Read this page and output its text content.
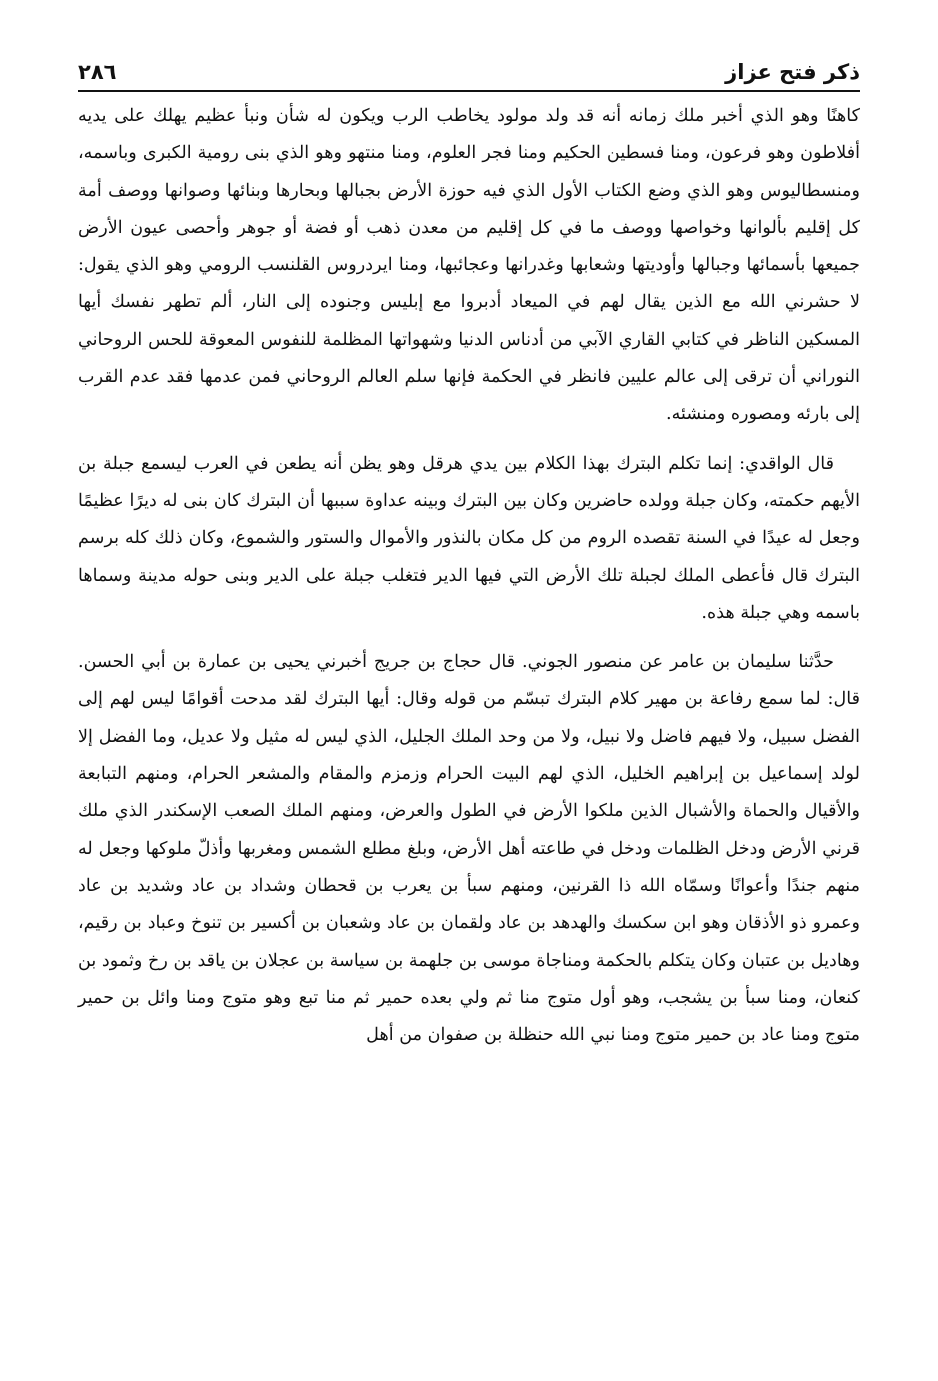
ذكر فتح عزاز
٢٨٦

كاهنًا وهو الذي أخبر ملك زمانه أنه قد ولد مولود يخاطب الرب ويكون له شأن ونبأ عظيم يهلك على يديه أفلاطون وهو فرعون، ومنا فسطين الحكيم ومنا فجر العلوم، ومنا منتهو وهو الذي بنى رومية الكبرى وباسمه، ومنسطاليوس وهو الذي وضع الكتاب الأول الذي فيه حوزة الأرض بجبالها وبحارها وبنائها وصوانها ووصف أمة كل إقليم بألوانها وخواصها ووصف ما في كل إقليم من معدن ذهب أو فضة أو جوهر وأحصى عيون الأرض جميعها بأسمائها وجبالها وأوديتها وشعابها وغدرانها وعجائبها، ومنا ايردروس القلنسب الرومي وهو الذي يقول: لا حشرني الله مع الذين يقال لهم في الميعاد أدبروا مع إبليس وجنوده إلى النار، ألم تطهر نفسك أيها المسكين الناظر في كتابي القاري الآبي من أدناس الدنيا وشهواتها المظلمة للنفوس المعوقة للحس الروحاني النوراني أن ترقى إلى عالم عليين فانظر في الحكمة فإنها سلم العالم الروحاني فمن عدمها فقد عدم القرب إلى بارئه ومصوره ومنشئه.

قال الواقدي: إنما تكلم البترك بهذا الكلام بين يدي هرقل وهو يظن أنه يطعن في العرب ليسمع جبلة بن الأيهم حكمته، وكان جبلة وولده حاضرين وكان بين البترك وبينه عداوة سببها أن البترك كان بنى له ديرًا عظيمًا وجعل له عيدًا في السنة تقصده الروم من كل مكان بالنذور والأموال والستور والشموع، وكان ذلك كله برسم البترك قال فأعطى الملك لجبلة تلك الأرض التي فيها الدير فتغلب جبلة على الدير وبنى حوله مدينة وسماها باسمه وهي جبلة هذه.

حدَّثنا سليمان بن عامر عن منصور الجوني. قال حجاج بن جريج أخبرني يحيى بن عمارة بن أبي الحسن. قال: لما سمع رفاعة بن مهير كلام البترك تبسّم من قوله وقال: أيها البترك لقد مدحت أقوامًا ليس لهم إلى الفضل سبيل، ولا فيهم فاضل ولا نبيل، ولا من وحد الملك الجليل، الذي ليس له مثيل ولا عديل، وما الفضل إلا لولد إسماعيل بن إبراهيم الخليل، الذي لهم البيت الحرام وزمزم والمقام والمشعر الحرام، ومنهم التبابعة والأقيال والحماة والأشبال الذين ملكوا الأرض في الطول والعرض، ومنهم الملك الصعب الإسكندر الذي ملك قرني الأرض ودخل الظلمات ودخل في طاعته أهل الأرض، وبلغ مطلع الشمس ومغربها وأذلّ ملوكها وجعل له منهم جندًا وأعوانًا وسمّاه الله ذا القرنين، ومنهم سبأ بن يعرب بن قحطان وشداد بن عاد وشديد بن عاد وعمرو ذو الأذقان وهو ابن سكسك والهدهد بن عاد ولقمان بن عاد وشعبان بن أكسير بن تنوخ وعباد بن رقيم، وهاديل بن عتبان وكان يتكلم بالحكمة ومناجاة موسى بن جلهمة بن سياسة بن عجلان بن ياقد بن رخ وثمود بن كنعان، ومنا سبأ بن يشجب، وهو أول متوج منا ثم ولي بعده حمير ثم منا تبع وهو متوج ومنا وائل بن حمير متوج ومنا عاد بن حمير متوج ومنا نبي الله حنظلة بن صفوان من أهل
